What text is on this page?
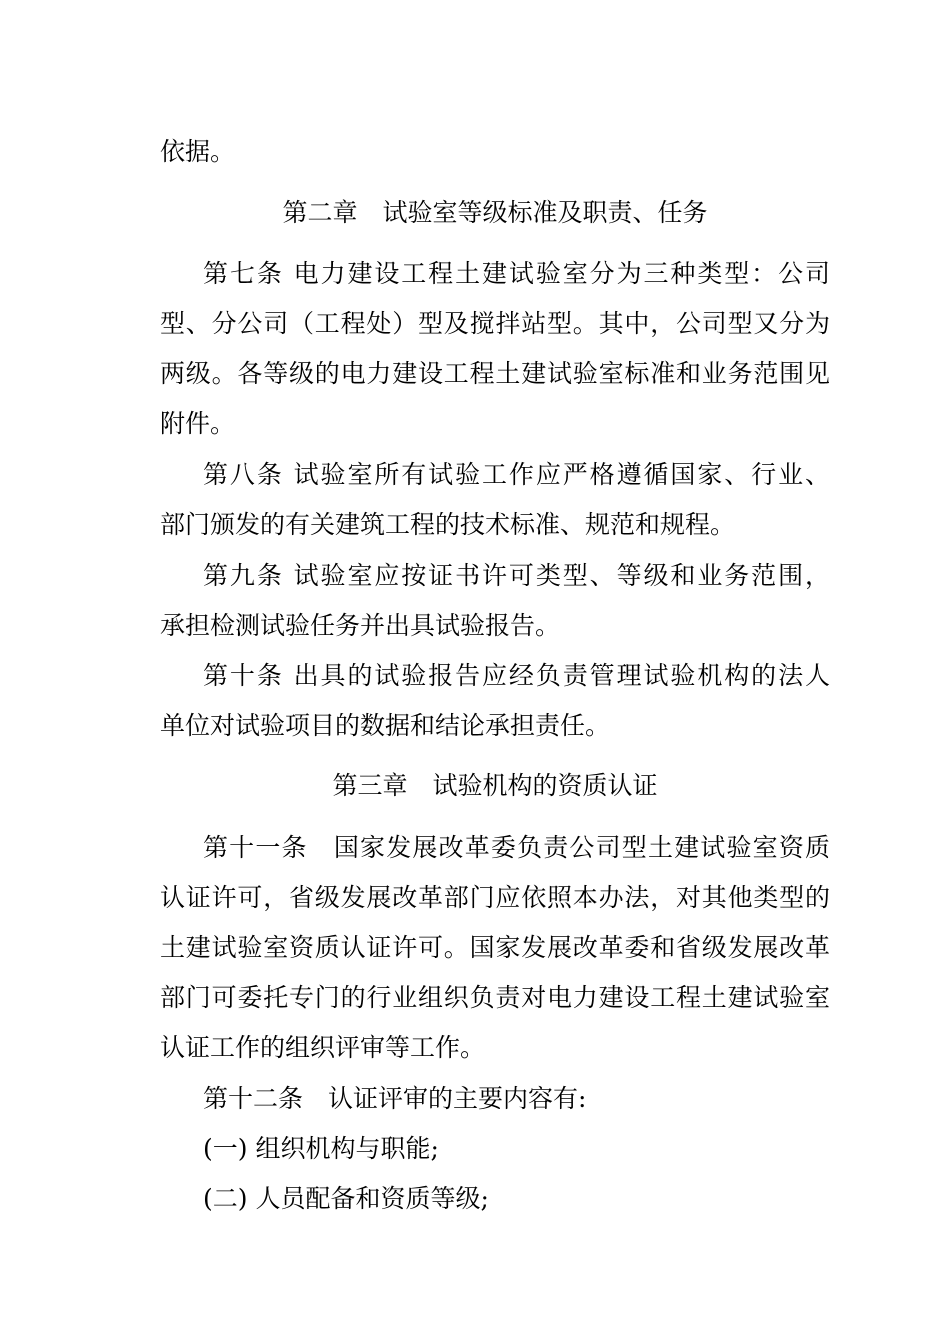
依据。
第二章　试验室等级标准及职责、任务
第七条 电力建设工程土建试验室分为三种类型：公司
型、分公司（工程处）型及搅拌站型。其中，公司型又分为
两级。各等级的电力建设工程土建试验室标准和业务范围见
附件。
第八条 试验室所有试验工作应严格遵循国家、行业、
部门颁发的有关建筑工程的技术标准、规范和规程。
第九条 试验室应按证书许可类型、等级和业务范围，
承担检测试验任务并出具试验报告。
第十条 出具的试验报告应经负责管理试验机构的法人
单位对试验项目的数据和结论承担责任。
第三章　试验机构的资质认证
第十一条　国家发展改革委负责公司型土建试验室资质
认证许可，省级发展改革部门应依照本办法，对其他类型的
土建试验室资质认证许可。国家发展改革委和省级发展改革
部门可委托专门的行业组织负责对电力建设工程土建试验室
认证工作的组织评审等工作。
第十二条　认证评审的主要内容有:
(一) 组织机构与职能;
(二) 人员配备和资质等级;
